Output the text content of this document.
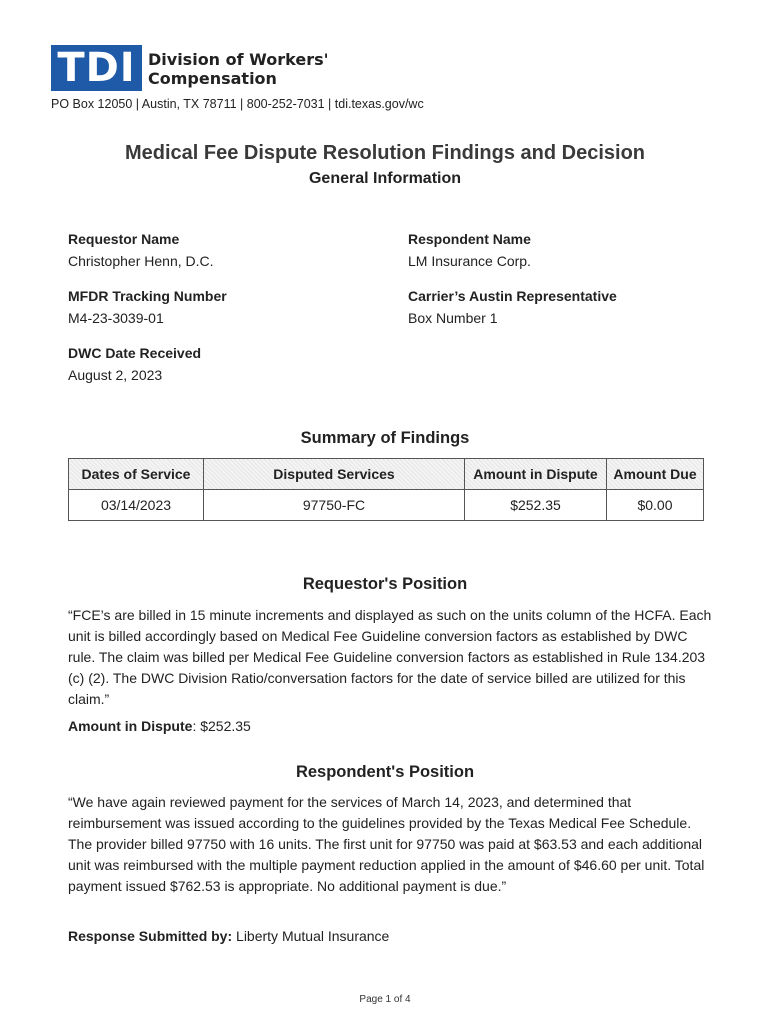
TDI Division of Workers'
Compensation
PO Box 12050 | Austin, TX 78711 | 800-252-7031 | tdi.texas.gov/wc
Medical Fee Dispute Resolution Findings and Decision
General Information
Requestor Name
Christopher Henn, D.C.
Respondent Name
LM Insurance Corp.
MFDR Tracking Number
M4-23-3039-01
Carrier’s Austin Representative
Box Number 1
DWC Date Received
August 2, 2023
Summary of Findings
Dates of Service	Disputed Services	Amount in Dispute	Amount Due
03/14/2023	97750-FC	$252.35	$0.00
Requestor's Position
“FCE’s are billed in 15 minute increments and displayed as such on the units column of the HCFA. Each unit is billed accordingly based on Medical Fee Guideline conversion factors as established by DWC rule. The claim was billed per Medical Fee Guideline conversion factors as established in Rule 134.203 (c) (2). The DWC Division Ratio/conversation factors for the date of service billed are utilized for this claim.”
Amount in Dispute: $252.35
Respondent's Position
“We have again reviewed payment for the services of March 14, 2023, and determined that reimbursement was issued according to the guidelines provided by the Texas Medical Fee Schedule. The provider billed 97750 with 16 units. The first unit for 97750 was paid at $63.53 and each additional unit was reimbursed with the multiple payment reduction applied in the amount of $46.60 per unit. Total payment issued $762.53 is appropriate. No additional payment is due.”
Response Submitted by: Liberty Mutual Insurance
Page 1 of 4
